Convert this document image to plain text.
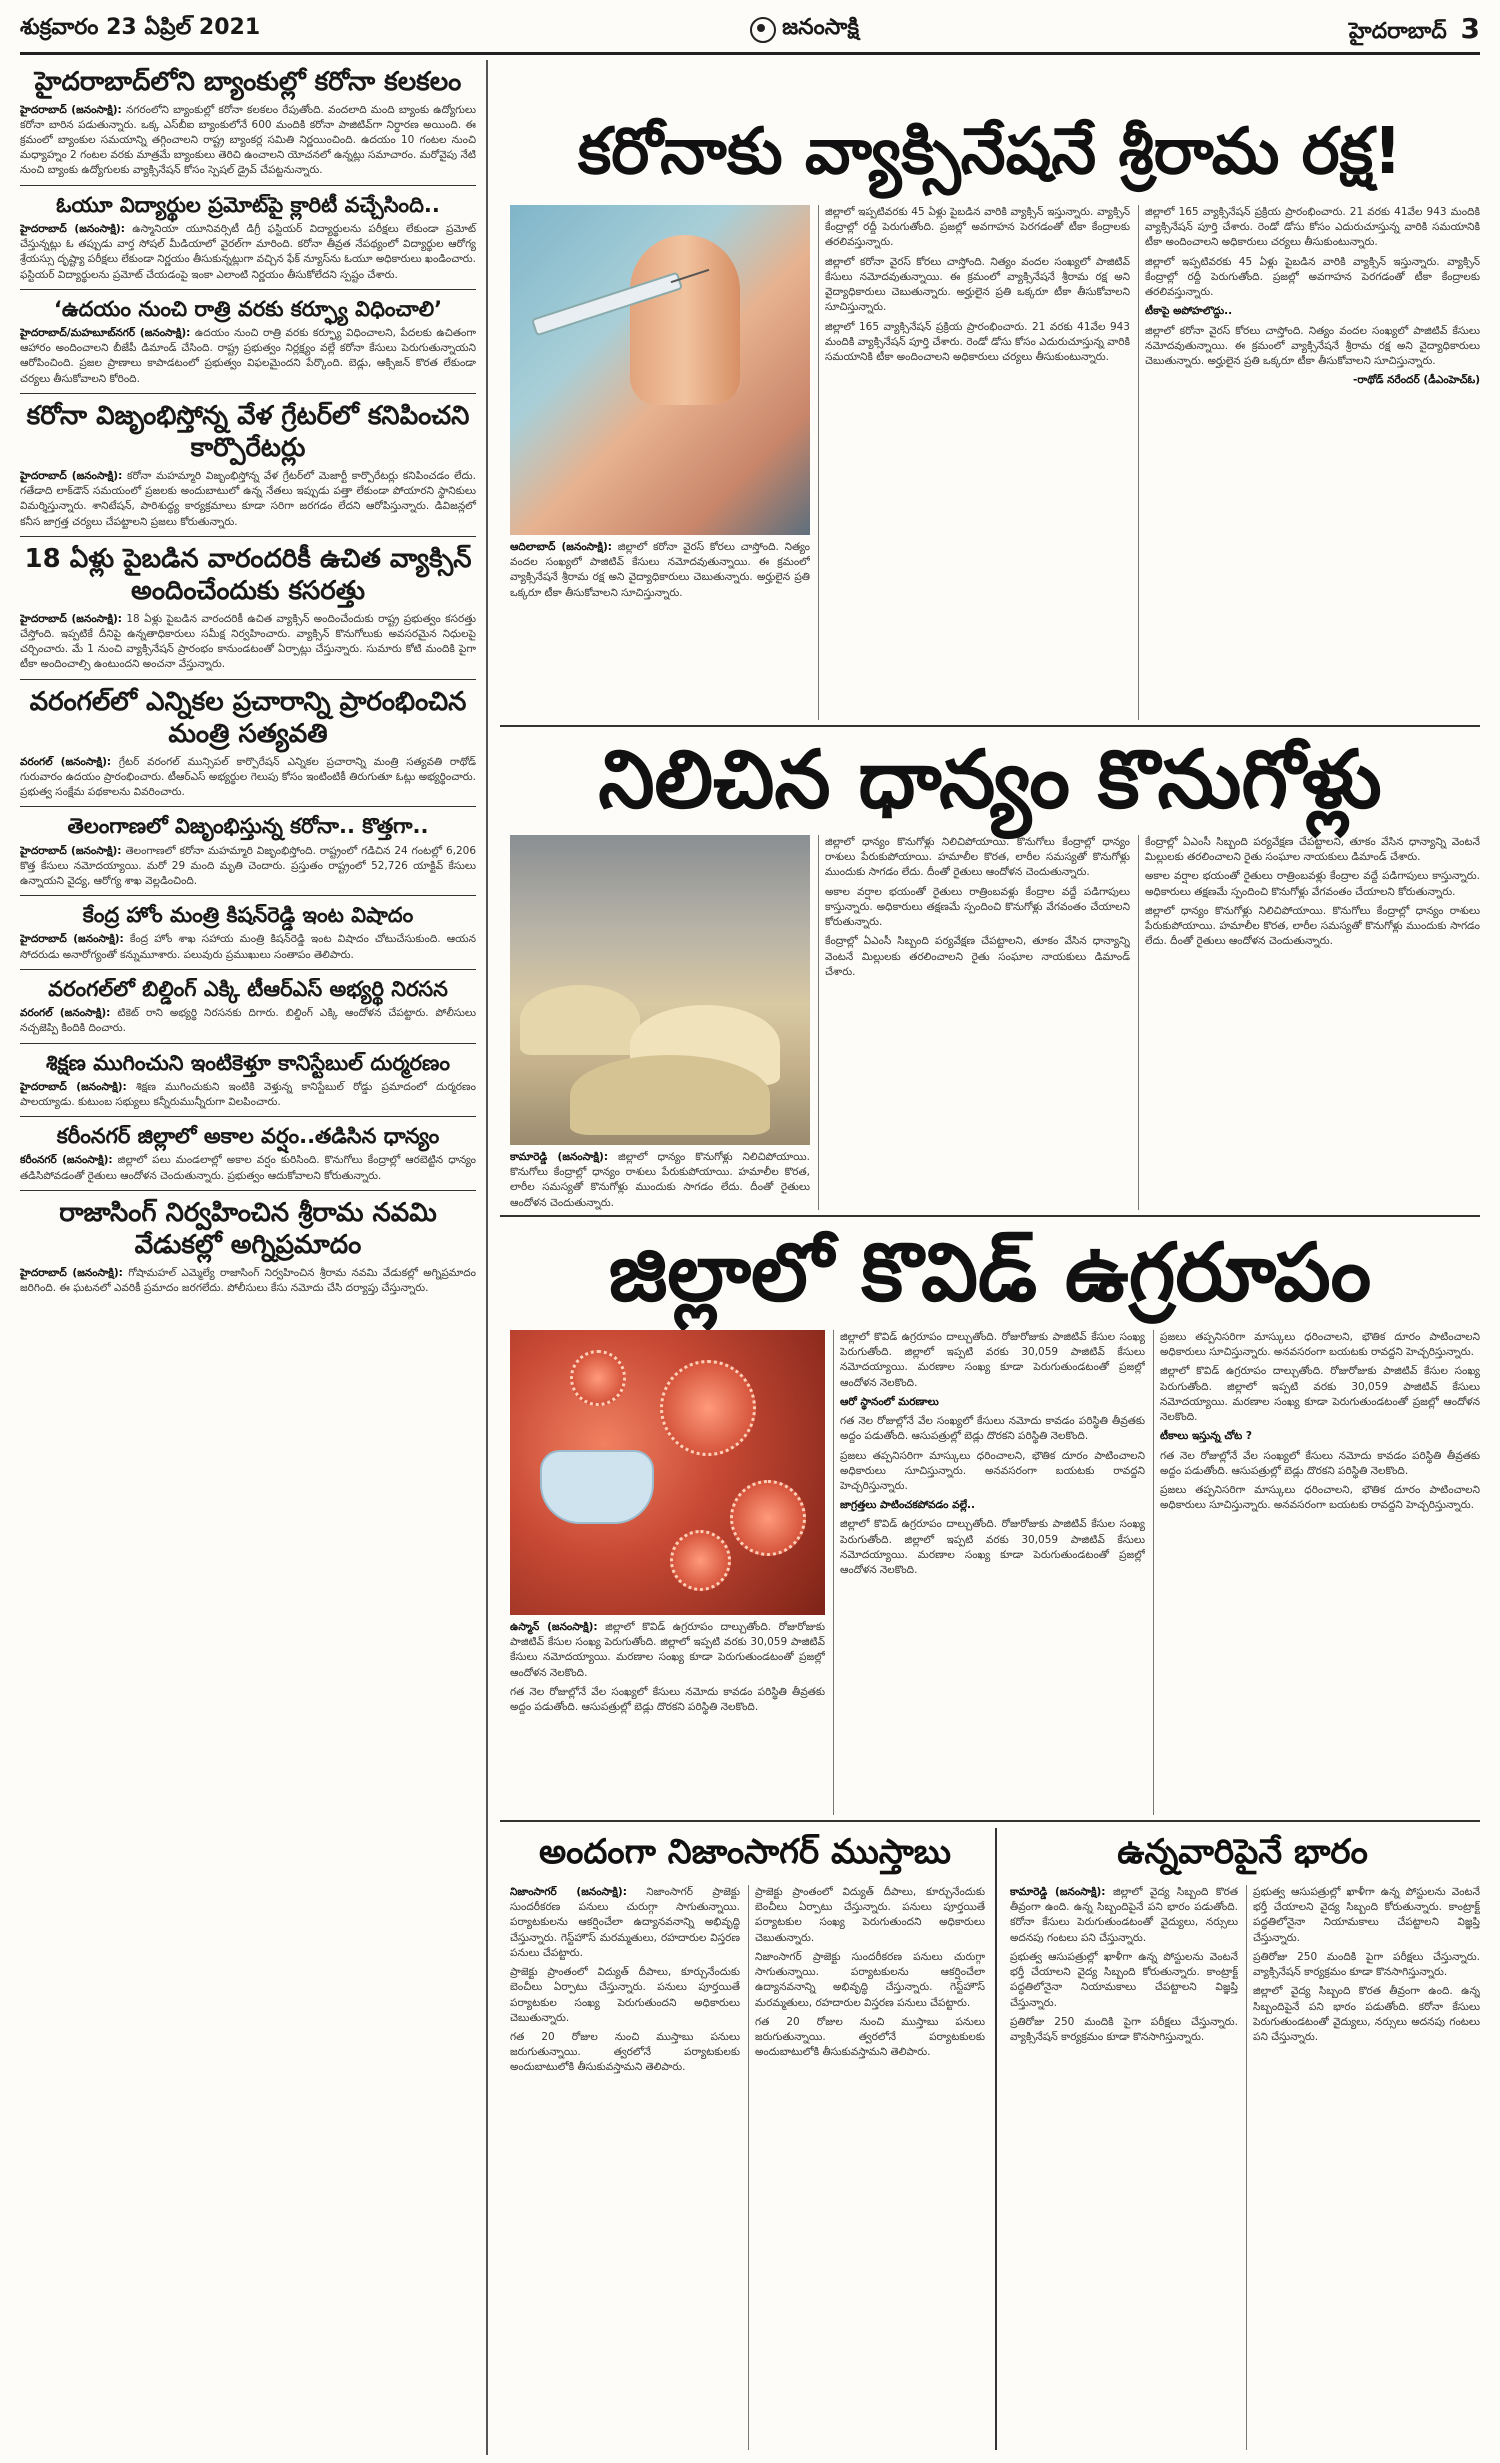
శుక్రవారం 23 ఏప్రిల్ 2021	జనంసాక్షి	హైదరాబాద్ 3
హైదరాబాద్‌లోని బ్యాంకుల్లో కరోనా కలకలం

హైదరాబాద్ (జనంసాక్షి): నగరంలోని బ్యాంకుల్లో కరోనా కలకలం రేపుతోంది. వందలాది మంది బ్యాంకు ఉద్యోగులు కరోనా బారిన పడుతున్నారు. ఒక్క ఎస్‌బీఐ బ్యాంకులోనే 600 మందికి కరోనా పాజిటివ్‌గా నిర్ధారణ అయింది. ఈ క్రమంలో బ్యాంకుల సమయాన్ని తగ్గించాలని రాష్ట్ర బ్యాంకర్ల సమితి నిర్ణయించింది. ఉదయం 10 గంటల నుంచి మధ్యాహ్నం 2 గంటల వరకు మాత్రమే బ్యాంకులు తెరిచి ఉంచాలని యోచనలో ఉన్నట్లు సమాచారం. మరోవైపు నేటి నుంచి బ్యాంకు ఉద్యోగులకు వ్యాక్సినేషన్ కోసం స్పెషల్ డ్రైవ్ చేపట్టనున్నారు.

ఓయూ విద్యార్థుల ప్రమోట్‌పై క్లారిటీ వచ్చేసింది..

హైదరాబాద్ (జనంసాక్షి): ఉస్మానియా యూనివర్సిటీ డిగ్రీ ఫస్టియర్ విద్యార్థులను పరీక్షలు లేకుండా ప్రమోట్ చేస్తున్నట్లు ఓ తప్పుడు వార్త సోషల్ మీడియాలో వైరల్‌గా మారింది. కరోనా తీవ్రత నేపథ్యంలో విద్యార్థుల ఆరోగ్య శ్రేయస్సు దృష్ట్యా పరీక్షలు లేకుండా నిర్ణయం తీసుకున్నట్లుగా వచ్చిన ఫేక్ న్యూస్‌ను ఓయూ అధికారులు ఖండించారు. ఫస్టియర్ విద్యార్థులను ప్రమోట్ చేయడంపై ఇంకా ఎలాంటి నిర్ణయం తీసుకోలేదని స్పష్టం చేశారు.

‘ఉదయం నుంచి రాత్రి వరకు కర్ఫ్యూ విధించాలి’

హైదరాబాద్/మహబూబ్‌నగర్ (జనంసాక్షి): ఉదయం నుంచి రాత్రి వరకు కర్ఫ్యూ విధించాలని, పేదలకు ఉచితంగా ఆహారం అందించాలని బీజేపీ డిమాండ్ చేసింది. రాష్ట్ర ప్రభుత్వం నిర్లక్ష్యం వల్లే కరోనా కేసులు పెరుగుతున్నాయని ఆరోపించింది. ప్రజల ప్రాణాలు కాపాడటంలో ప్రభుత్వం విఫలమైందని పేర్కొంది. బెడ్లు, ఆక్సిజన్ కొరత లేకుండా చర్యలు తీసుకోవాలని కోరింది.

కరోనా విజృంభిస్తోన్న వేళ గ్రేటర్‌లో కనిపించని కార్పొరేటర్లు

హైదరాబాద్ (జనంసాక్షి): కరోనా మహమ్మారి విజృంభిస్తోన్న వేళ గ్రేటర్‌లో మెజార్టీ కార్పొరేటర్లు కనిపించడం లేదు. గతేడాది లాక్‌డౌన్ సమయంలో ప్రజలకు అందుబాటులో ఉన్న నేతలు ఇప్పుడు పత్తా లేకుండా పోయారని స్థానికులు విమర్శిస్తున్నారు. శానిటేషన్, పారిశుద్ధ్య కార్యక్రమాలు కూడా సరిగా జరగడం లేదని ఆరోపిస్తున్నారు. డివిజన్లలో కనీస జాగ్రత్త చర్యలు చేపట్టాలని ప్రజలు కోరుతున్నారు.

18 ఏళ్లు పైబడిన వారందరికీ ఉచిత వ్యాక్సిన్ అందించేందుకు కసరత్తు

హైదరాబాద్ (జనంసాక్షి): 18 ఏళ్లు పైబడిన వారందరికీ ఉచిత వ్యాక్సిన్ అందించేందుకు రాష్ట్ర ప్రభుత్వం కసరత్తు చేస్తోంది. ఇప్పటికే దీనిపై ఉన్నతాధికారులు సమీక్ష నిర్వహించారు. వ్యాక్సిన్ కొనుగోలుకు అవసరమైన నిధులపై చర్చించారు. మే 1 నుంచి వ్యాక్సినేషన్ ప్రారంభం కానుండటంతో ఏర్పాట్లు చేస్తున్నారు. సుమారు కోటి మందికి పైగా టీకా అందించాల్సి ఉంటుందని అంచనా వేస్తున్నారు.

వరంగల్‌లో ఎన్నికల ప్రచారాన్ని ప్రారంభించిన మంత్రి సత్యవతి

వరంగల్ (జనంసాక్షి): గ్రేటర్ వరంగల్ మున్సిపల్ కార్పొరేషన్ ఎన్నికల ప్రచారాన్ని మంత్రి సత్యవతి రాథోడ్ గురువారం ఉదయం ప్రారంభించారు. టీఆర్ఎస్ అభ్యర్థుల గెలుపు కోసం ఇంటింటికీ తిరుగుతూ ఓట్లు అభ్యర్థించారు. ప్రభుత్వ సంక్షేమ పథకాలను వివరించారు.

తెలంగాణలో విజృంభిస్తున్న కరోనా.. కొత్తగా..

హైదరాబాద్ (జనంసాక్షి): తెలంగాణలో కరోనా మహమ్మారి విజృంభిస్తోంది. రాష్ట్రంలో గడిచిన 24 గంటల్లో 6,206 కొత్త కేసులు నమోదయ్యాయి. మరో 29 మంది మృతి చెందారు. ప్రస్తుతం రాష్ట్రంలో 52,726 యాక్టివ్ కేసులు ఉన్నాయని వైద్య, ఆరోగ్య శాఖ వెల్లడించింది.

కేంద్ర హోం మంత్రి కిషన్‌రెడ్డి ఇంట విషాదం

హైదరాబాద్ (జనంసాక్షి): కేంద్ర హోం శాఖ సహాయ మంత్రి కిషన్‌రెడ్డి ఇంట విషాదం చోటుచేసుకుంది. ఆయన సోదరుడు అనారోగ్యంతో కన్నుమూశారు. పలువురు ప్రముఖులు సంతాపం తెలిపారు.

వరంగల్‌లో బిల్డింగ్ ఎక్కి టీఆర్ఎస్ అభ్యర్థి నిరసన

వరంగల్ (జనంసాక్షి): టికెట్ రాని అభ్యర్థి నిరసనకు దిగారు. బిల్డింగ్ ఎక్కి ఆందోళన చేపట్టారు. పోలీసులు నచ్చజెప్పి కిందికి దించారు.

శిక్షణ ముగించుని ఇంటికెళ్తూ కానిస్టేబుల్ దుర్మరణం

హైదరాబాద్ (జనంసాక్షి): శిక్షణ ముగించుకుని ఇంటికి వెళ్తున్న కానిస్టేబుల్ రోడ్డు ప్రమాదంలో దుర్మరణం పాలయ్యాడు. కుటుంబ సభ్యులు కన్నీరుమున్నీరుగా విలపించారు.

కరీంనగర్ జిల్లాలో అకాల వర్షం..తడిసిన ధాన్యం

కరీంనగర్ (జనంసాక్షి): జిల్లాలో పలు మండలాల్లో అకాల వర్షం కురిసింది. కొనుగోలు కేంద్రాల్లో ఆరబెట్టిన ధాన్యం తడిసిపోవడంతో రైతులు ఆందోళన చెందుతున్నారు. ప్రభుత్వం ఆదుకోవాలని కోరుతున్నారు.

రాజాసింగ్ నిర్వహించిన శ్రీరామ నవమి వేడుకల్లో అగ్నిప్రమాదం

హైదరాబాద్ (జనంసాక్షి): గోషామహల్ ఎమ్మెల్యే రాజాసింగ్ నిర్వహించిన శ్రీరామ నవమి వేడుకల్లో అగ్నిప్రమాదం జరిగింది. ఈ ఘటనలో ఎవరికీ ప్రమాదం జరగలేదు. పోలీసులు కేసు నమోదు చేసి దర్యాప్తు చేస్తున్నారు.

కరోనాకు వ్యాక్సినేషనే శ్రీరామ రక్ష!

ఆదిలాబాద్ (జనంసాక్షి): జిల్లాలో కరోనా వైరస్ కోరలు చాస్తోంది. నిత్యం వందల సంఖ్యలో పాజిటివ్ కేసులు నమోదవుతున్నాయి. ఈ క్రమంలో వ్యాక్సినేషనే శ్రీరామ రక్ష అని వైద్యాధికారులు చెబుతున్నారు. అర్హులైన ప్రతి ఒక్కరూ టీకా తీసుకోవాలని సూచిస్తున్నారు.

జిల్లాలో ఇప్పటివరకు 45 ఏళ్లు పైబడిన వారికి వ్యాక్సిన్ ఇస్తున్నారు. వ్యాక్సిన్ కేంద్రాల్లో రద్దీ పెరుగుతోంది. ప్రజల్లో అవగాహన పెరగడంతో టీకా కేంద్రాలకు తరలివస్తున్నారు.

జిల్లాలో కరోనా వైరస్ కోరలు చాస్తోంది. నిత్యం వందల సంఖ్యలో పాజిటివ్ కేసులు నమోదవుతున్నాయి. ఈ క్రమంలో వ్యాక్సినేషనే శ్రీరామ రక్ష అని వైద్యాధికారులు చెబుతున్నారు. అర్హులైన ప్రతి ఒక్కరూ టీకా తీసుకోవాలని సూచిస్తున్నారు.

జిల్లాలో 165 వ్యాక్సినేషన్ ప్రక్రియ ప్రారంభించారు. 21 వరకు 41వేల 943 మందికి వ్యాక్సినేషన్ పూర్తి చేశారు. రెండో డోసు కోసం ఎదురుచూస్తున్న వారికి సమయానికి టీకా అందించాలని అధికారులు చర్యలు తీసుకుంటున్నారు.

జిల్లాలో 165 వ్యాక్సినేషన్ ప్రక్రియ ప్రారంభించారు. 21 వరకు 41వేల 943 మందికి వ్యాక్సినేషన్ పూర్తి చేశారు. రెండో డోసు కోసం ఎదురుచూస్తున్న వారికి సమయానికి టీకా అందించాలని అధికారులు చర్యలు తీసుకుంటున్నారు.

జిల్లాలో ఇప్పటివరకు 45 ఏళ్లు పైబడిన వారికి వ్యాక్సిన్ ఇస్తున్నారు. వ్యాక్సిన్ కేంద్రాల్లో రద్దీ పెరుగుతోంది. ప్రజల్లో అవగాహన పెరగడంతో టీకా కేంద్రాలకు తరలివస్తున్నారు.

టీకాపై అపోహలొద్దు..

జిల్లాలో కరోనా వైరస్ కోరలు చాస్తోంది. నిత్యం వందల సంఖ్యలో పాజిటివ్ కేసులు నమోదవుతున్నాయి. ఈ క్రమంలో వ్యాక్సినేషనే శ్రీరామ రక్ష అని వైద్యాధికారులు చెబుతున్నారు. అర్హులైన ప్రతి ఒక్కరూ టీకా తీసుకోవాలని సూచిస్తున్నారు.

-రాథోడ్ నరేందర్ (డీఎంహెచ్‌ఓ)

నిలిచిన ధాన్యం కొనుగోళ్లు

కామారెడ్డి (జనంసాక్షి): జిల్లాలో ధాన్యం కొనుగోళ్లు నిలిచిపోయాయి. కొనుగోలు కేంద్రాల్లో ధాన్యం రాశులు పేరుకుపోయాయి. హమాలీల కొరత, లారీల సమస్యతో కొనుగోళ్లు ముందుకు సాగడం లేదు. దీంతో రైతులు ఆందోళన చెందుతున్నారు.

జిల్లాలో ధాన్యం కొనుగోళ్లు నిలిచిపోయాయి. కొనుగోలు కేంద్రాల్లో ధాన్యం రాశులు పేరుకుపోయాయి. హమాలీల కొరత, లారీల సమస్యతో కొనుగోళ్లు ముందుకు సాగడం లేదు. దీంతో రైతులు ఆందోళన చెందుతున్నారు.

అకాల వర్షాల భయంతో రైతులు రాత్రింబవళ్లు కేంద్రాల వద్దే పడిగాపులు కాస్తున్నారు. అధికారులు తక్షణమే స్పందించి కొనుగోళ్లు వేగవంతం చేయాలని కోరుతున్నారు.

కేంద్రాల్లో ఏఎంసీ సిబ్బంది పర్యవేక్షణ చేపట్టాలని, తూకం వేసిన ధాన్యాన్ని వెంటనే మిల్లులకు తరలించాలని రైతు సంఘాల నాయకులు డిమాండ్ చేశారు.

కేంద్రాల్లో ఏఎంసీ సిబ్బంది పర్యవేక్షణ చేపట్టాలని, తూకం వేసిన ధాన్యాన్ని వెంటనే మిల్లులకు తరలించాలని రైతు సంఘాల నాయకులు డిమాండ్ చేశారు.

అకాల వర్షాల భయంతో రైతులు రాత్రింబవళ్లు కేంద్రాల వద్దే పడిగాపులు కాస్తున్నారు. అధికారులు తక్షణమే స్పందించి కొనుగోళ్లు వేగవంతం చేయాలని కోరుతున్నారు.

జిల్లాలో ధాన్యం కొనుగోళ్లు నిలిచిపోయాయి. కొనుగోలు కేంద్రాల్లో ధాన్యం రాశులు పేరుకుపోయాయి. హమాలీల కొరత, లారీల సమస్యతో కొనుగోళ్లు ముందుకు సాగడం లేదు. దీంతో రైతులు ఆందోళన చెందుతున్నారు.

జిల్లాలో కొవిడ్ ఉగ్రరూపం

ఉస్మాన్ (జనంసాక్షి): జిల్లాలో కొవిడ్ ఉగ్రరూపం దాల్చుతోంది. రోజురోజుకు పాజిటివ్ కేసుల సంఖ్య పెరుగుతోంది. జిల్లాలో ఇప్పటి వరకు 30,059 పాజిటివ్ కేసులు నమోదయ్యాయి. మరణాల సంఖ్య కూడా పెరుగుతుండటంతో ప్రజల్లో ఆందోళన నెలకొంది.

గత నెల రోజుల్లోనే వేల సంఖ్యలో కేసులు నమోదు కావడం పరిస్థితి తీవ్రతకు అద్దం పడుతోంది. ఆసుపత్రుల్లో బెడ్లు దొరకని పరిస్థితి నెలకొంది.

జిల్లాలో కొవిడ్ ఉగ్రరూపం దాల్చుతోంది. రోజురోజుకు పాజిటివ్ కేసుల సంఖ్య పెరుగుతోంది. జిల్లాలో ఇప్పటి వరకు 30,059 పాజిటివ్ కేసులు నమోదయ్యాయి. మరణాల సంఖ్య కూడా పెరుగుతుండటంతో ప్రజల్లో ఆందోళన నెలకొంది.

ఆరో స్థానంలో మరణాలు

గత నెల రోజుల్లోనే వేల సంఖ్యలో కేసులు నమోదు కావడం పరిస్థితి తీవ్రతకు అద్దం పడుతోంది. ఆసుపత్రుల్లో బెడ్లు దొరకని పరిస్థితి నెలకొంది.

ప్రజలు తప్పనిసరిగా మాస్కులు ధరించాలని, భౌతిక దూరం పాటించాలని అధికారులు సూచిస్తున్నారు. అనవసరంగా బయటకు రావద్దని హెచ్చరిస్తున్నారు.

జాగ్రత్తలు పాటించకపోవడం వల్లే..

జిల్లాలో కొవిడ్ ఉగ్రరూపం దాల్చుతోంది. రోజురోజుకు పాజిటివ్ కేసుల సంఖ్య పెరుగుతోంది. జిల్లాలో ఇప్పటి వరకు 30,059 పాజిటివ్ కేసులు నమోదయ్యాయి. మరణాల సంఖ్య కూడా పెరుగుతుండటంతో ప్రజల్లో ఆందోళన నెలకొంది.

ప్రజలు తప్పనిసరిగా మాస్కులు ధరించాలని, భౌతిక దూరం పాటించాలని అధికారులు సూచిస్తున్నారు. అనవసరంగా బయటకు రావద్దని హెచ్చరిస్తున్నారు.

జిల్లాలో కొవిడ్ ఉగ్రరూపం దాల్చుతోంది. రోజురోజుకు పాజిటివ్ కేసుల సంఖ్య పెరుగుతోంది. జిల్లాలో ఇప్పటి వరకు 30,059 పాజిటివ్ కేసులు నమోదయ్యాయి. మరణాల సంఖ్య కూడా పెరుగుతుండటంతో ప్రజల్లో ఆందోళన నెలకొంది.

టీకాలు ఇస్తున్న చోట ?

గత నెల రోజుల్లోనే వేల సంఖ్యలో కేసులు నమోదు కావడం పరిస్థితి తీవ్రతకు అద్దం పడుతోంది. ఆసుపత్రుల్లో బెడ్లు దొరకని పరిస్థితి నెలకొంది.

ప్రజలు తప్పనిసరిగా మాస్కులు ధరించాలని, భౌతిక దూరం పాటించాలని అధికారులు సూచిస్తున్నారు. అనవసరంగా బయటకు రావద్దని హెచ్చరిస్తున్నారు.

అందంగా నిజాంసాగర్ ముస్తాబు

నిజాంసాగర్ (జనంసాక్షి): నిజాంసాగర్ ప్రాజెక్టు సుందరీకరణ పనులు చురుగ్గా సాగుతున్నాయి. పర్యాటకులను ఆకర్షించేలా ఉద్యానవనాన్ని అభివృద్ధి చేస్తున్నారు. గెస్ట్‌హౌస్ మరమ్మతులు, రహదారుల విస్తరణ పనులు చేపట్టారు.

ప్రాజెక్టు ప్రాంతంలో విద్యుత్ దీపాలు, కూర్చునేందుకు బెంచీలు ఏర్పాటు చేస్తున్నారు. పనులు పూర్తయితే పర్యాటకుల సంఖ్య పెరుగుతుందని అధికారులు చెబుతున్నారు.

గత 20 రోజుల నుంచి ముస్తాబు పనులు జరుగుతున్నాయి. త్వరలోనే పర్యాటకులకు అందుబాటులోకి తీసుకువస్తామని తెలిపారు.

ప్రాజెక్టు ప్రాంతంలో విద్యుత్ దీపాలు, కూర్చునేందుకు బెంచీలు ఏర్పాటు చేస్తున్నారు. పనులు పూర్తయితే పర్యాటకుల సంఖ్య పెరుగుతుందని అధికారులు చెబుతున్నారు.

నిజాంసాగర్ ప్రాజెక్టు సుందరీకరణ పనులు చురుగ్గా సాగుతున్నాయి. పర్యాటకులను ఆకర్షించేలా ఉద్యానవనాన్ని అభివృద్ధి చేస్తున్నారు. గెస్ట్‌హౌస్ మరమ్మతులు, రహదారుల విస్తరణ పనులు చేపట్టారు.

గత 20 రోజుల నుంచి ముస్తాబు పనులు జరుగుతున్నాయి. త్వరలోనే పర్యాటకులకు అందుబాటులోకి తీసుకువస్తామని తెలిపారు.

ఉన్నవారిపైనే భారం

కామారెడ్డి (జనంసాక్షి): జిల్లాలో వైద్య సిబ్బంది కొరత తీవ్రంగా ఉంది. ఉన్న సిబ్బందిపైనే పని భారం పడుతోంది. కరోనా కేసులు పెరుగుతుండటంతో వైద్యులు, నర్సులు అదనపు గంటలు పని చేస్తున్నారు.

ప్రభుత్వ ఆసుపత్రుల్లో ఖాళీగా ఉన్న పోస్టులను వెంటనే భర్తీ చేయాలని వైద్య సిబ్బంది కోరుతున్నారు. కాంట్రాక్ట్ పద్ధతిలోనైనా నియామకాలు చేపట్టాలని విజ్ఞప్తి చేస్తున్నారు.

ప్రతిరోజు 250 మందికి పైగా పరీక్షలు చేస్తున్నారు. వ్యాక్సినేషన్ కార్యక్రమం కూడా కొనసాగిస్తున్నారు.

ప్రభుత్వ ఆసుపత్రుల్లో ఖాళీగా ఉన్న పోస్టులను వెంటనే భర్తీ చేయాలని వైద్య సిబ్బంది కోరుతున్నారు. కాంట్రాక్ట్ పద్ధతిలోనైనా నియామకాలు చేపట్టాలని విజ్ఞప్తి చేస్తున్నారు.

ప్రతిరోజు 250 మందికి పైగా పరీక్షలు చేస్తున్నారు. వ్యాక్సినేషన్ కార్యక్రమం కూడా కొనసాగిస్తున్నారు.

జిల్లాలో వైద్య సిబ్బంది కొరత తీవ్రంగా ఉంది. ఉన్న సిబ్బందిపైనే పని భారం పడుతోంది. కరోనా కేసులు పెరుగుతుండటంతో వైద్యులు, నర్సులు అదనపు గంటలు పని చేస్తున్నారు.
